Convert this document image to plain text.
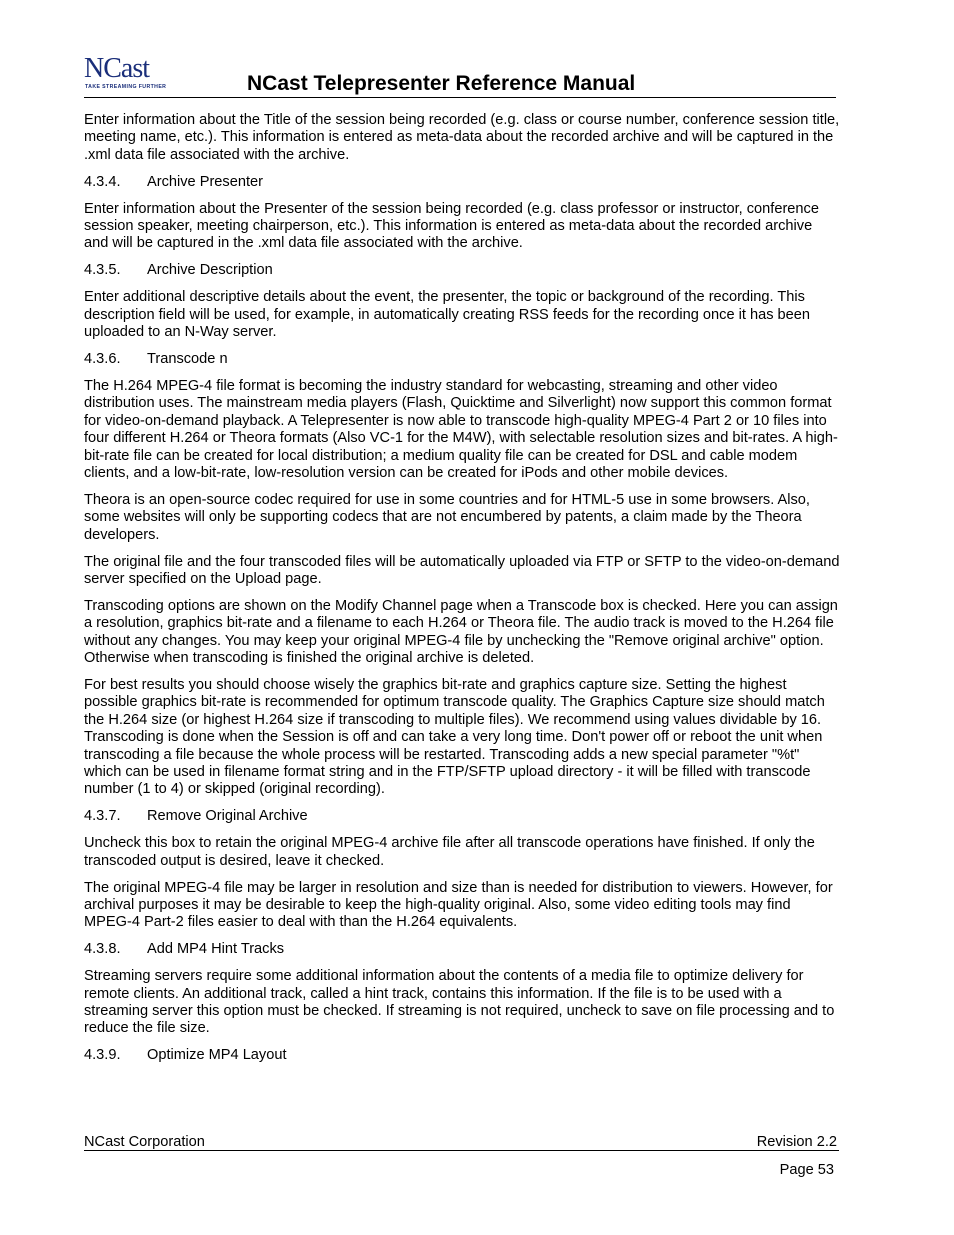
NCast
TAKE STREAMING FURTHER	NCast Telepresenter Reference Manual

Enter information about the Title of the session being recorded (e.g. class or course number, conference session title, meeting name, etc.). This information is entered as meta-data about the recorded archive and will be captured in the .xml data file associated with the archive.

4.3.4. Archive Presenter

Enter information about the Presenter of the session being recorded (e.g. class professor or instructor, conference session speaker, meeting chairperson, etc.). This information is entered as meta-data about the recorded archive and will be captured in the .xml data file associated with the archive.

4.3.5. Archive Description

Enter additional descriptive details about the event, the presenter, the topic or background of the recording. This description field will be used, for example, in automatically creating RSS feeds for the recording once it has been uploaded to an N-Way server.

4.3.6. Transcode n

The H.264 MPEG-4 file format is becoming the industry standard for webcasting, streaming and other video distribution uses. The mainstream media players (Flash, Quicktime and Silverlight) now support this common format for video-on-demand playback. A Telepresenter is now able to transcode high-quality MPEG-4 Part 2 or 10 files into four different H.264 or Theora formats (Also VC-1 for the M4W), with selectable resolution sizes and bit-rates. A high-bit-rate file can be created for local distribution; a medium quality file can be created for DSL and cable modem clients, and a low-bit-rate, low-resolution version can be created for iPods and other mobile devices.

Theora is an open-source codec required for use in some countries and for HTML-5 use in some browsers. Also, some websites will only be supporting codecs that are not encumbered by patents, a claim made by the Theora developers.

The original file and the four transcoded files will be automatically uploaded via FTP or SFTP to the video-on-demand server specified on the Upload page.

Transcoding options are shown on the Modify Channel page when a Transcode box is checked. Here you can assign a resolution, graphics bit-rate and a filename to each H.264 or Theora file. The audio track is moved to the H.264 file without any changes. You may keep your original MPEG-4 file by unchecking the "Remove original archive" option. Otherwise when transcoding is finished the original archive is deleted.

For best results you should choose wisely the graphics bit-rate and graphics capture size. Setting the highest possible graphics bit-rate is recommended for optimum transcode quality. The Graphics Capture size should match the H.264 size (or highest H.264 size if transcoding to multiple files). We recommend using values dividable by 16. Transcoding is done when the Session is off and can take a very long time. Don't power off or reboot the unit when transcoding a file because the whole process will be restarted. Transcoding adds a new special parameter "%t" which can be used in filename format string and in the FTP/SFTP upload directory - it will be filled with transcode number (1 to 4) or skipped (original recording).

4.3.7. Remove Original Archive

Uncheck this box to retain the original MPEG-4 archive file after all transcode operations have finished. If only the transcoded output is desired, leave it checked.

The original MPEG-4 file may be larger in resolution and size than is needed for distribution to viewers. However, for archival purposes it may be desirable to keep the high-quality original. Also, some video editing tools may find MPEG-4 Part-2 files easier to deal with than the H.264 equivalents.

4.3.8. Add MP4 Hint Tracks

Streaming servers require some additional information about the contents of a media file to optimize delivery for remote clients. An additional track, called a hint track, contains this information. If the file is to be used with a streaming server this option must be checked. If streaming is not required, uncheck to save on file processing and to reduce the file size.

4.3.9. Optimize MP4 Layout
NCast Corporation	Revision 2.2
Page 53
